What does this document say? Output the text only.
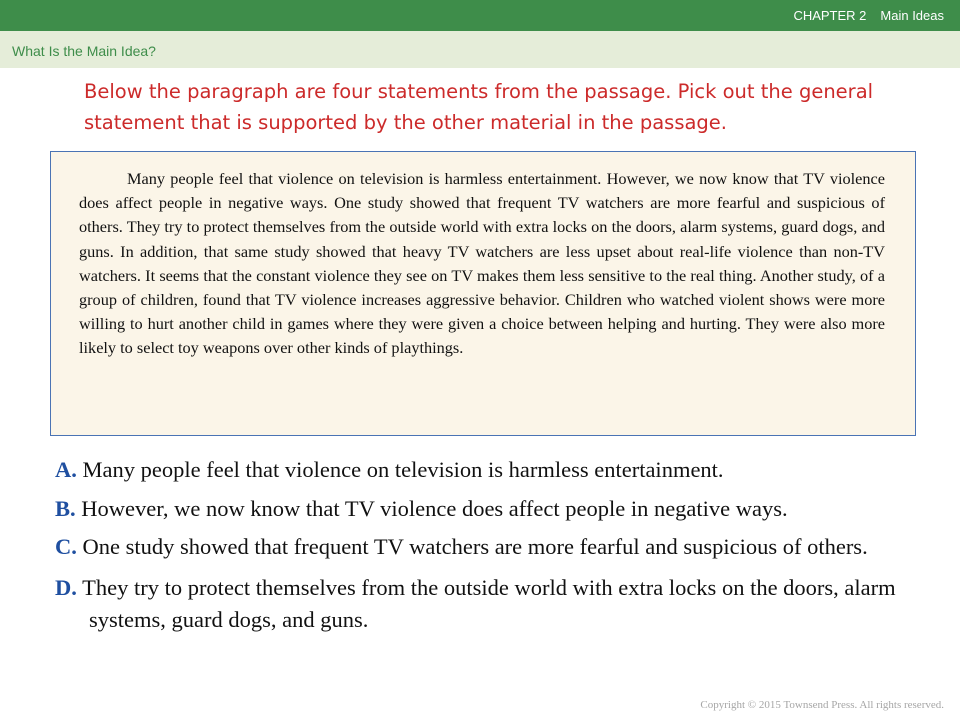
CHAPTER 2 Main Ideas
What Is the Main Idea?

Below the paragraph are four statements from the passage. Pick out the general statement that is supported by the other material in the passage.

Many people feel that violence on television is harmless entertainment. However, we now know that TV violence does affect people in negative ways. One study showed that frequent TV watchers are more fearful and suspicious of others. They try to protect themselves from the outside world with extra locks on the doors, alarm systems, guard dogs, and guns. In addition, that same study showed that heavy TV watchers are less upset about real-life violence than non-TV watchers. It seems that the constant violence they see on TV makes them less sensitive to the real thing. Another study, of a group of children, found that TV violence increases aggressive behavior. Children who watched violent shows were more willing to hurt another child in games where they were given a choice between helping and hurting. They were also more likely to select toy weapons over other kinds of playthings.

A. Many people feel that violence on television is harmless entertainment.
B. However, we now know that TV violence does affect people in negative ways.
C. One study showed that frequent TV watchers are more fearful and suspicious of others.
D. They try to protect themselves from the outside world with extra locks on the doors, alarm systems, guard dogs, and guns.
Copyright © 2015 Townsend Press. All rights reserved.
